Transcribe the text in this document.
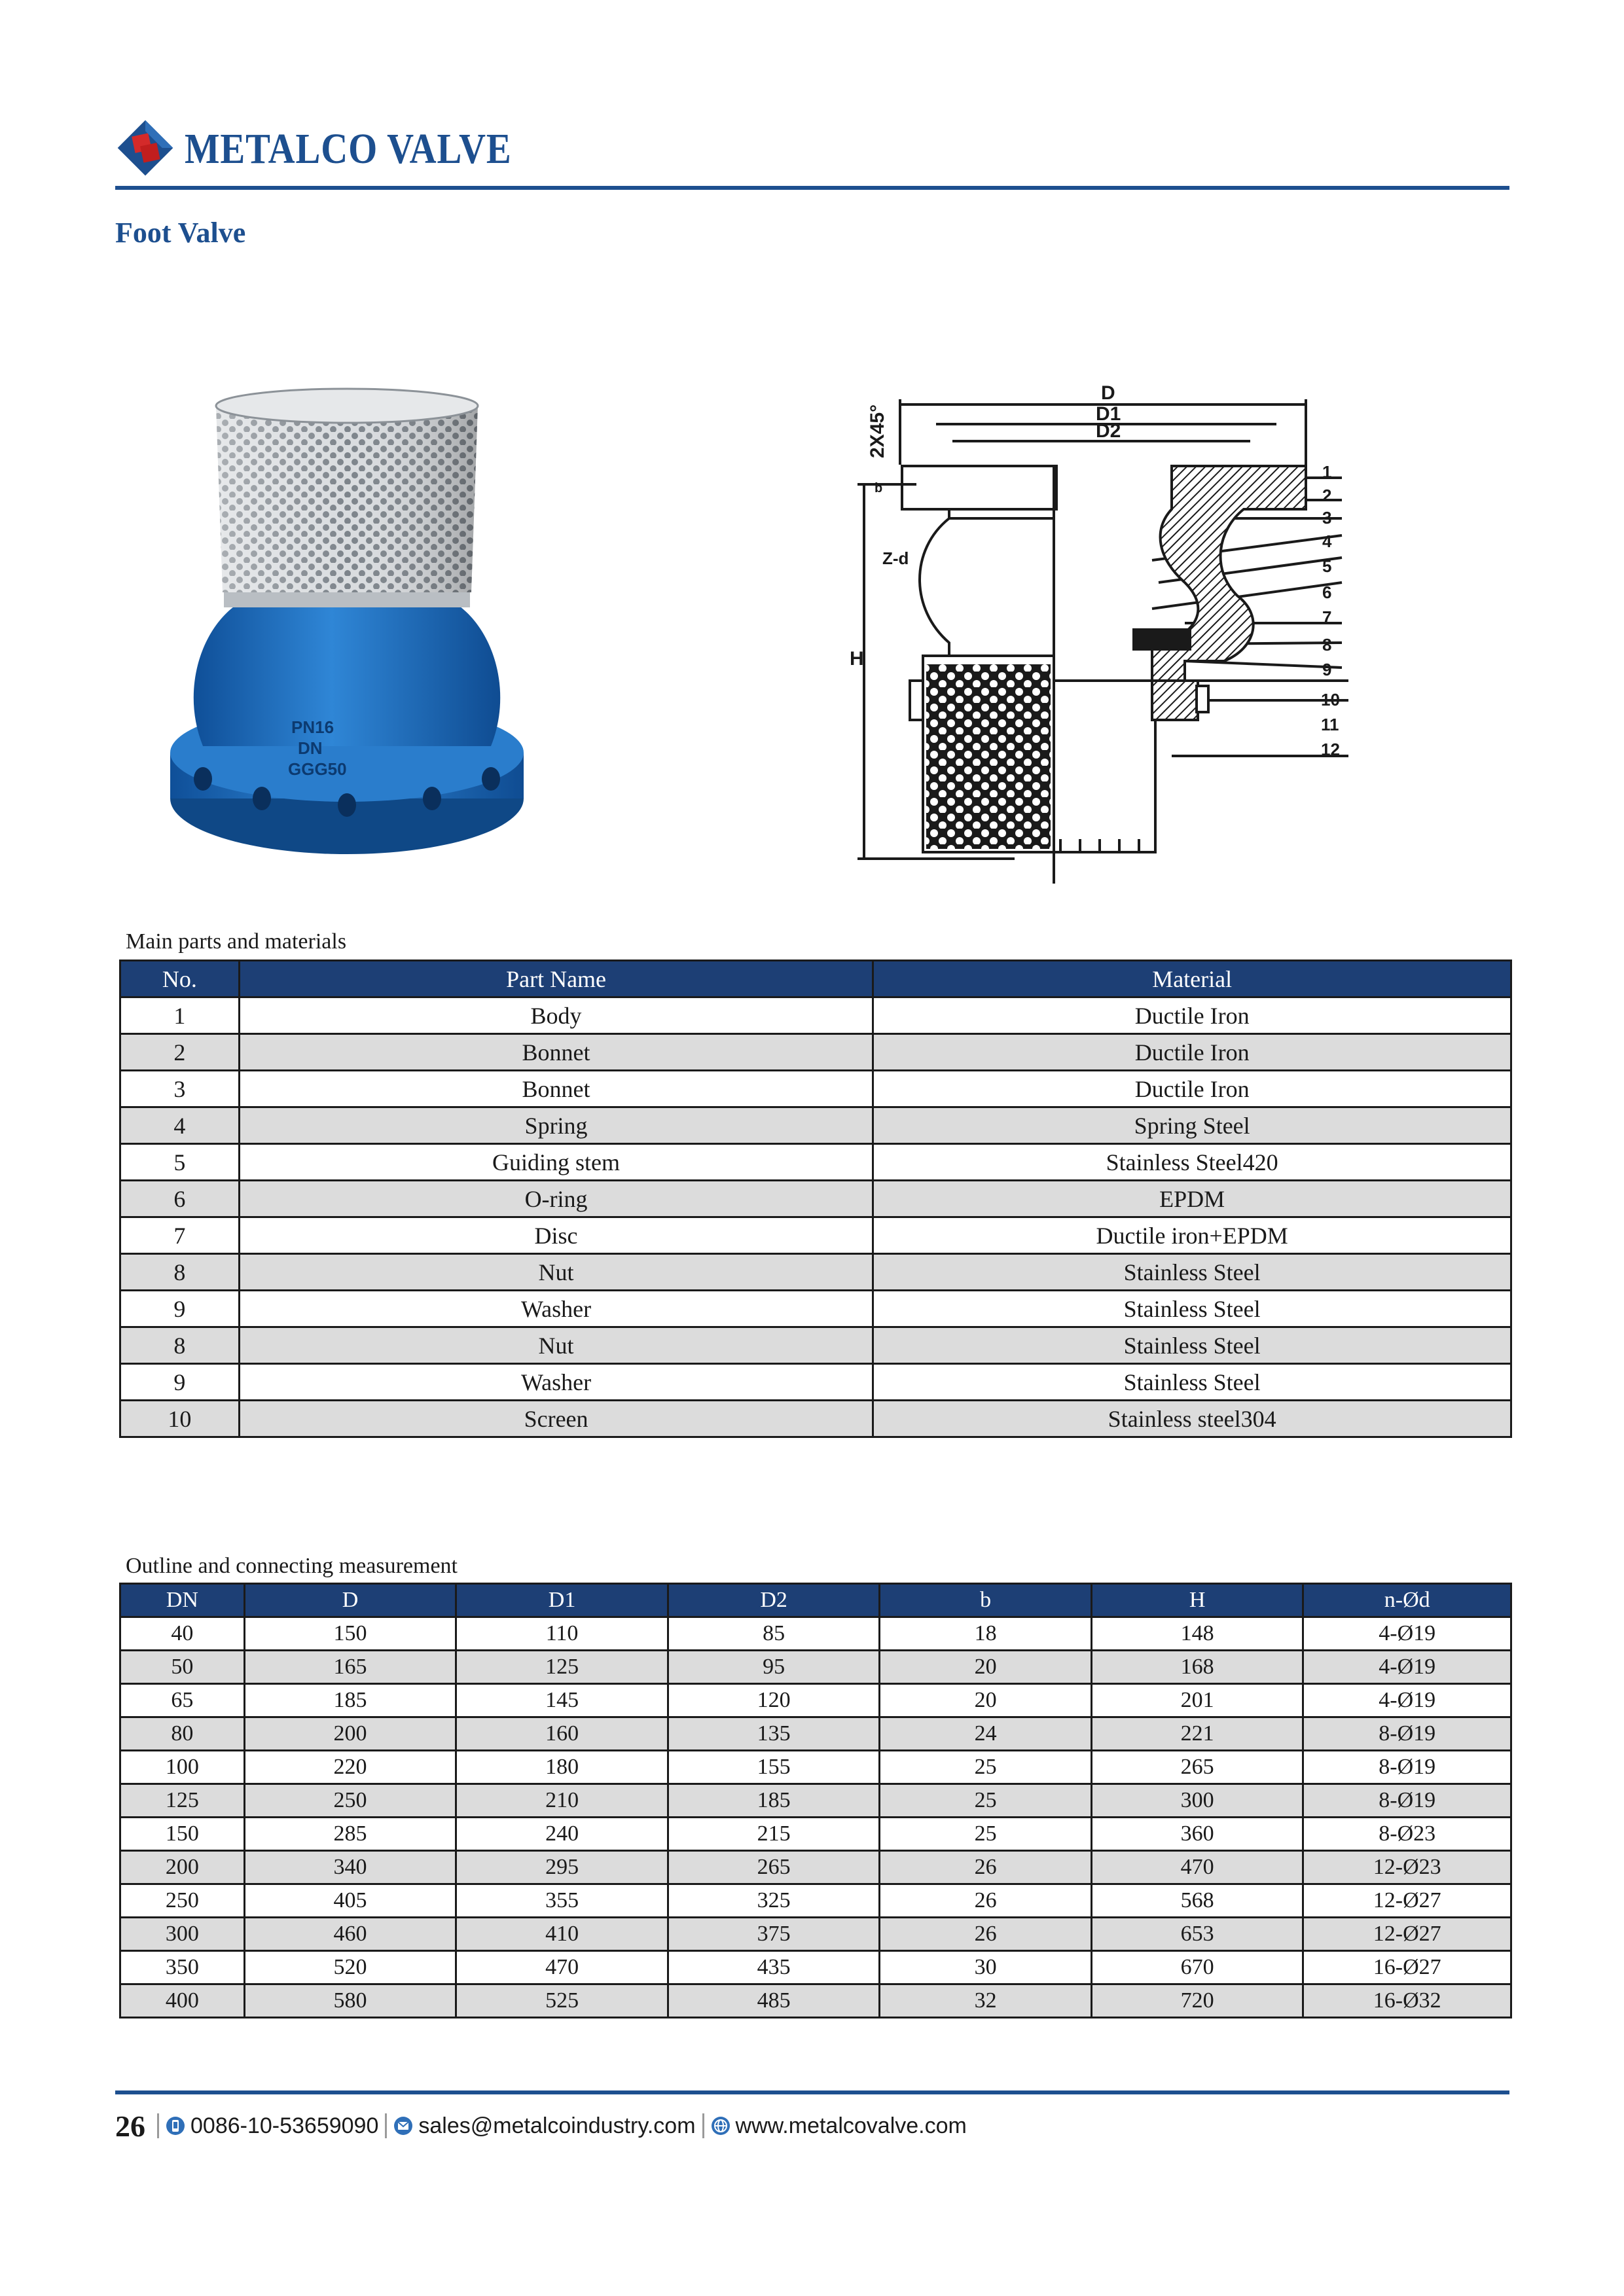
METALCO VALVE
Foot Valve
PN16
DN
GGG50
D
D1
D2
2X45°
b
Z-d
H
1
2
3
4
5
6
7
8
9
10
11
12
Main parts and materials
No.	Part Name	Material
1	Body	Ductile Iron
2	Bonnet	Ductile Iron
3	Bonnet	Ductile Iron
4	Spring	Spring Steel
5	Guiding stem	Stainless Steel420
6	O-ring	EPDM
7	Disc	Ductile iron+EPDM
8	Nut	Stainless Steel
9	Washer	Stainless Steel
8	Nut	Stainless Steel
9	Washer	Stainless Steel
10	Screen	Stainless steel304
Outline and connecting measurement
DN	D	D1	D2	b	H	n-Ød
40	150	110	85	18	148	4-Ø19
50	165	125	95	20	168	4-Ø19
65	185	145	120	20	201	4-Ø19
80	200	160	135	24	221	8-Ø19
100	220	180	155	25	265	8-Ø19
125	250	210	185	25	300	8-Ø19
150	285	240	215	25	360	8-Ø23
200	340	295	265	26	470	12-Ø23
250	405	355	325	26	568	12-Ø27
300	460	410	375	26	653	12-Ø27
350	520	470	435	30	670	16-Ø27
400	580	525	485	32	720	16-Ø32
26 0086-10-53659090 sales@metalcoindustry.com www.metalcovalve.com
